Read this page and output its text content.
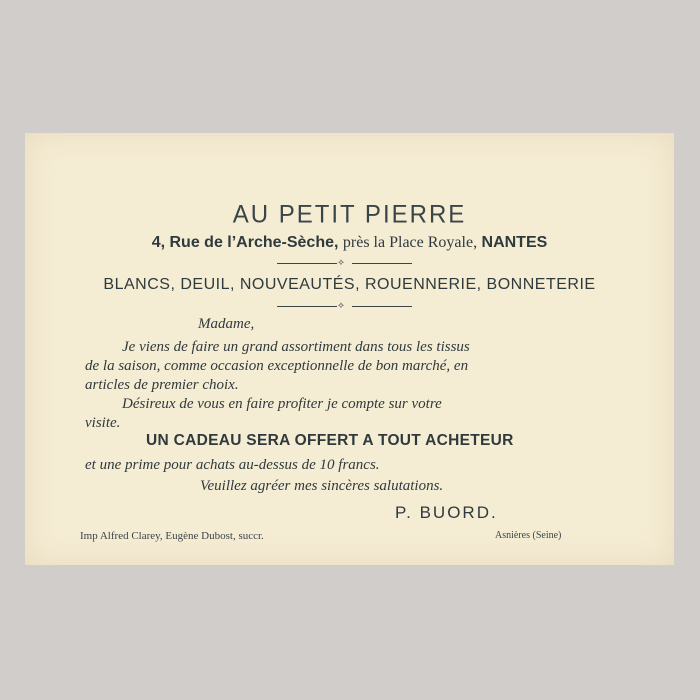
AU PETIT PIERRE
4, Rue de l’Arche-Sèche, près la Place Royale, NANTES
⟡
BLANCS, DEUIL, NOUVEAUTÉS, ROUENNERIE, BONNETERIE
⟡
Madame,
Je viens de faire un grand assortiment dans tous les tissus
de la saison, comme occasion exceptionnelle de bon marché, en
articles de premier choix.
Désireux de vous en faire profiter je compte sur votre
visite.
UN CADEAU SERA OFFERT A TOUT ACHETEUR
et une prime pour achats au-dessus de 10 francs.
Veuillez agréer mes sincères salutations.
P. BUORD.
Imp Alfred Clarey, Eugène Dubost, succr.	Asnières (Seine)
